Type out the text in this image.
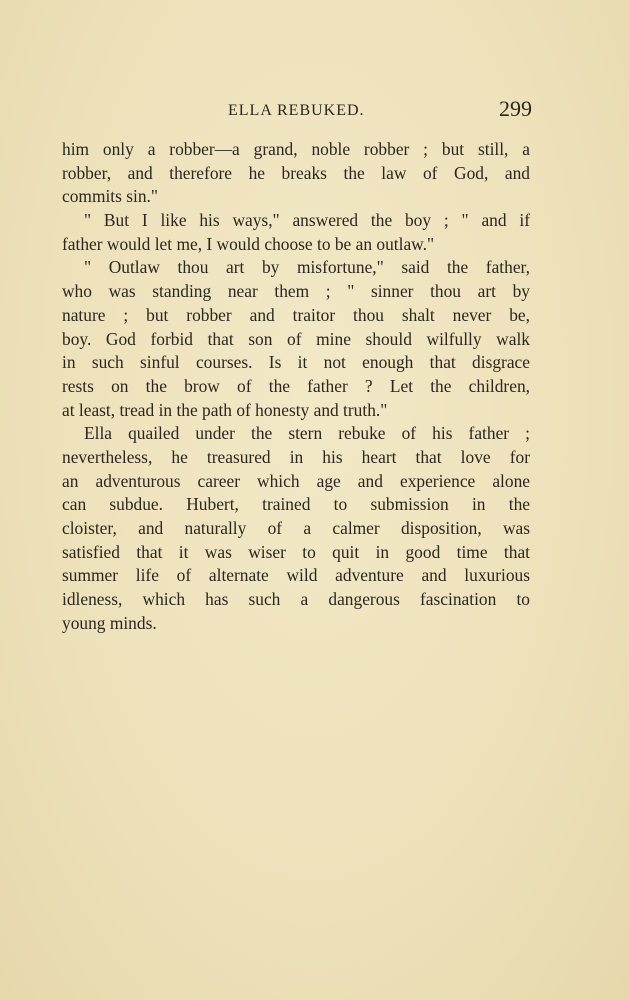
ELLA REBUKED.	299
him only a robber—a grand, noble robber ; but still, a
robber, and therefore he breaks the law of God, and
commits sin."
" But I like his ways," answered the boy ; " and if
father would let me, I would choose to be an outlaw."
" Outlaw thou art by misfortune," said the father,
who was standing near them ; " sinner thou art by
nature ; but robber and traitor thou shalt never be,
boy. God forbid that son of mine should wilfully walk
in such sinful courses. Is it not enough that disgrace
rests on the brow of the father ? Let the children,
at least, tread in the path of honesty and truth."
Ella quailed under the stern rebuke of his father ;
nevertheless, he treasured in his heart that love for
an adventurous career which age and experience alone
can subdue. Hubert, trained to submission in the
cloister, and naturally of a calmer disposition, was
satisfied that it was wiser to quit in good time that
summer life of alternate wild adventure and luxurious
idleness, which has such a dangerous fascination to
young minds.
